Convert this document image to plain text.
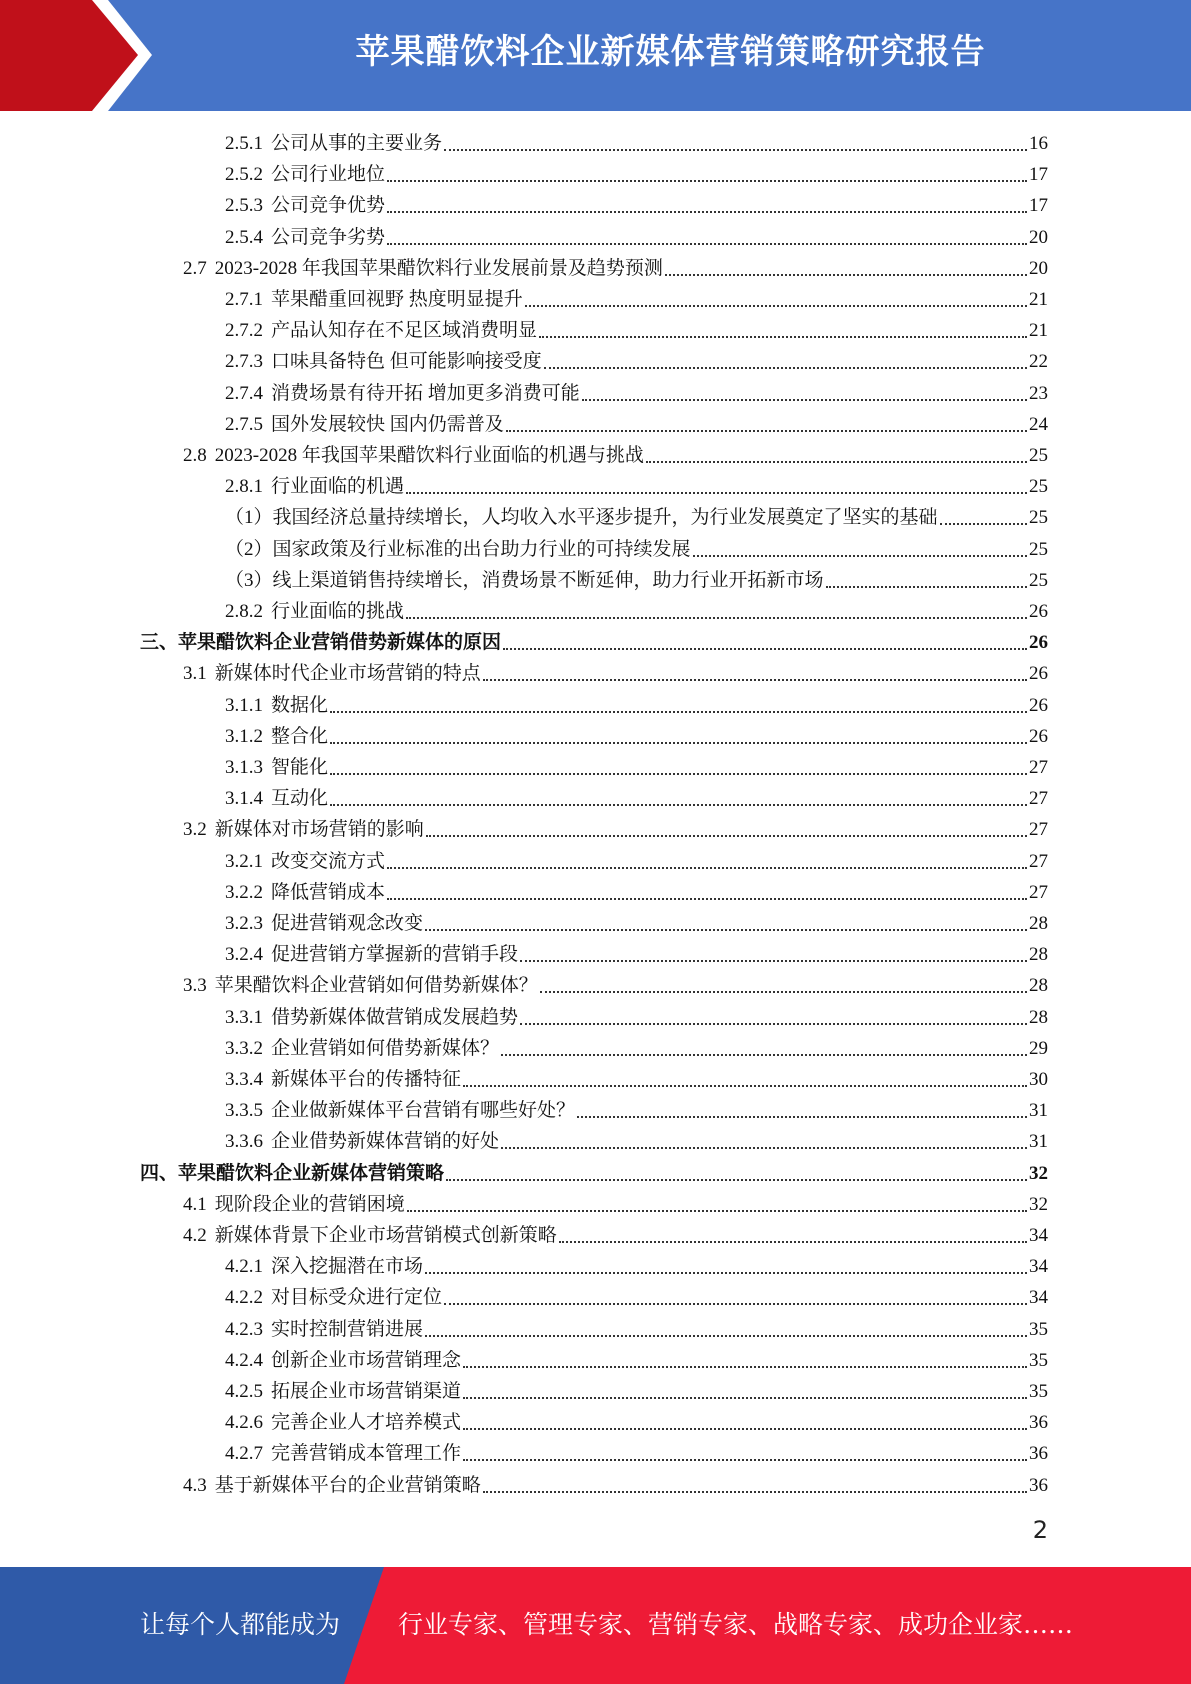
苹果醋饮料企业新媒体营销策略研究报告
2.5.1 公司从事的主要业务	16
2.5.2 公司行业地位	17
2.5.3 公司竞争优势	17
2.5.4 公司竞争劣势	20
2.7 2023-2028 年我国苹果醋饮料行业发展前景及趋势预测	20
2.7.1 苹果醋重回视野 热度明显提升	21
2.7.2 产品认知存在不足区域消费明显	21
2.7.3 口味具备特色 但可能影响接受度	22
2.7.4 消费场景有待开拓 增加更多消费可能	23
2.7.5 国外发展较快 国内仍需普及	24
2.8 2023-2028 年我国苹果醋饮料行业面临的机遇与挑战	25
2.8.1 行业面临的机遇	25
（1）我国经济总量持续增长，人均收入水平逐步提升，为行业发展奠定了坚实的基础	25
（2）国家政策及行业标准的出台助力行业的可持续发展	25
（3）线上渠道销售持续增长，消费场景不断延伸，助力行业开拓新市场	25
2.8.2 行业面临的挑战	26
三、苹果醋饮料企业营销借势新媒体的原因	26
3.1 新媒体时代企业市场营销的特点	26
3.1.1 数据化	26
3.1.2 整合化	26
3.1.3 智能化	27
3.1.4 互动化	27
3.2 新媒体对市场营销的影响	27
3.2.1 改变交流方式	27
3.2.2 降低营销成本	27
3.2.3 促进营销观念改变	28
3.2.4 促进营销方掌握新的营销手段	28
3.3 苹果醋饮料企业营销如何借势新媒体？	28
3.3.1 借势新媒体做营销成发展趋势	28
3.3.2 企业营销如何借势新媒体？	29
3.3.4 新媒体平台的传播特征	30
3.3.5 企业做新媒体平台营销有哪些好处？	31
3.3.6 企业借势新媒体营销的好处	31
四、苹果醋饮料企业新媒体营销策略	32
4.1 现阶段企业的营销困境	32
4.2 新媒体背景下企业市场营销模式创新策略	34
4.2.1 深入挖掘潜在市场	34
4.2.2 对目标受众进行定位	34
4.2.3 实时控制营销进展	35
4.2.4 创新企业市场营销理念	35
4.2.5 拓展企业市场营销渠道	35
4.2.6 完善企业人才培养模式	36
4.2.7 完善营销成本管理工作	36
4.3 基于新媒体平台的企业营销策略	36
2
让每个人都能成为 行业专家、管理专家、营销专家、战略专家、成功企业家……
